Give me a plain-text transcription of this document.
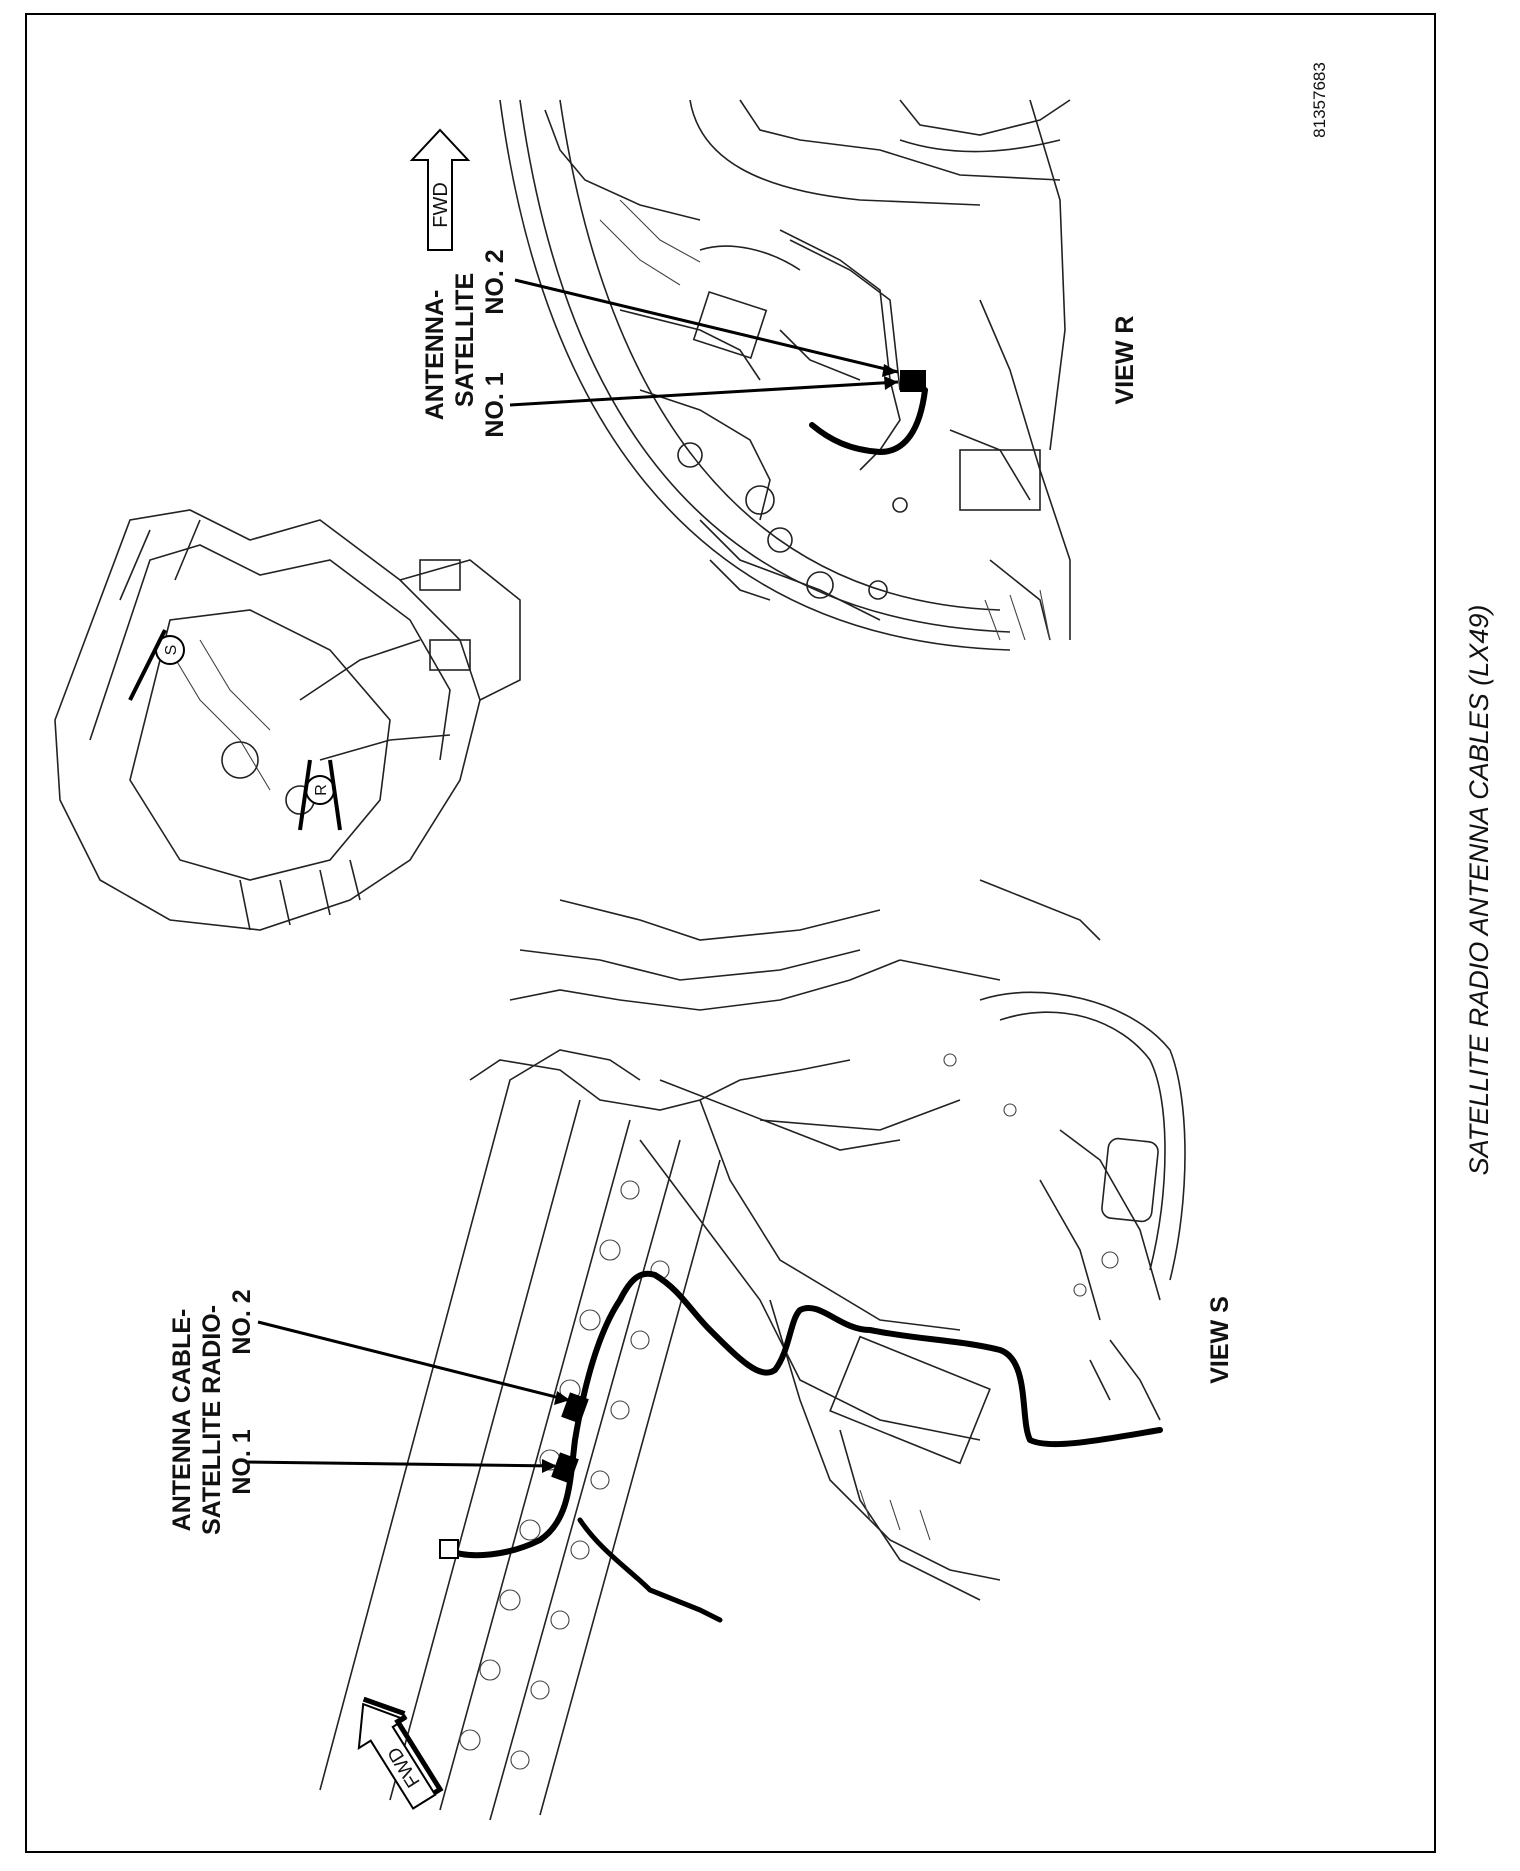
81357683
SATELLITE RADIO ANTENNA CABLES (LX49)
ANTENNA- SATELLITE NO. 1
NO. 2
VIEW R
FWD
S
R
ANTENNA CABLE- SATELLITE RADIO- NO. 1
NO. 2	VIEW S
FWD
